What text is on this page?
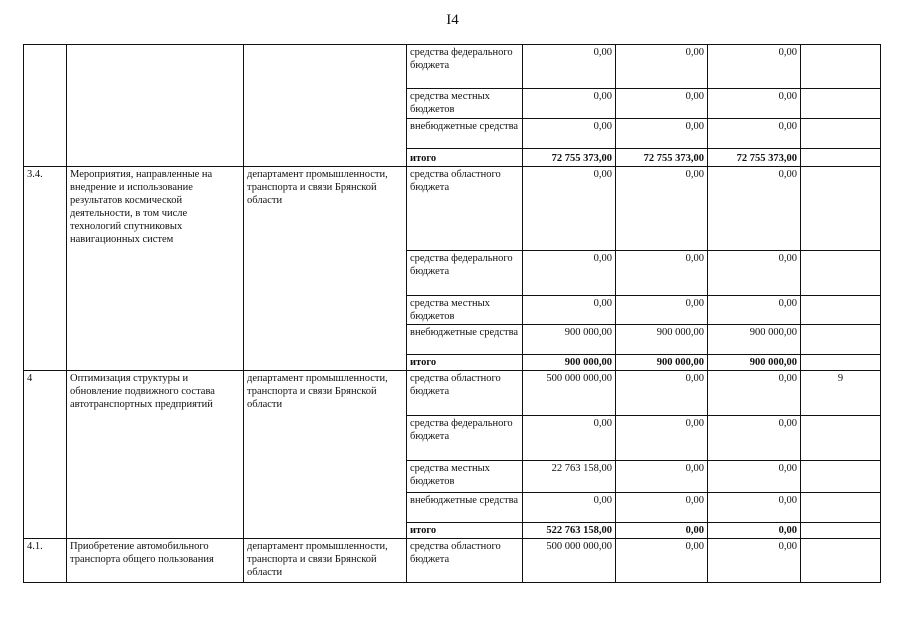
I4
			средства федерального бюджета	0,00	0,00	0,00	
			средства местных бюджетов	0,00	0,00	0,00	
			внебюджетные средства	0,00	0,00	0,00	
			итого	72 755 373,00	72 755 373,00	72 755 373,00	
3.4.	Мероприятия, направленные на внедрение и использование результатов космической деятельности, в том числе технологий спутниковых навигационных систем	департамент промышленности, транспорта и связи Брянской области	средства областного бюджета	0,00	0,00	0,00	
			средства федерального бюджета	0,00	0,00	0,00	
			средства местных бюджетов	0,00	0,00	0,00	
			внебюджетные средства	900 000,00	900 000,00	900 000,00	
			итого	900 000,00	900 000,00	900 000,00	
4	Оптимизация структуры и обновление подвижного состава автотранспортных предприятий	департамент промышленности, транспорта и связи Брянской области	средства областного бюджета	500 000 000,00	0,00	0,00	9
			средства федерального бюджета	0,00	0,00	0,00	
			средства местных бюджетов	22 763 158,00	0,00	0,00	
			внебюджетные средства	0,00	0,00	0,00	
			итого	522 763 158,00	0,00	0,00	
4.1.	Приобретение автомобильного транспорта общего пользования	департамент промышленности, транспорта и связи Брянской области	средства областного бюджета	500 000 000,00	0,00	0,00	
